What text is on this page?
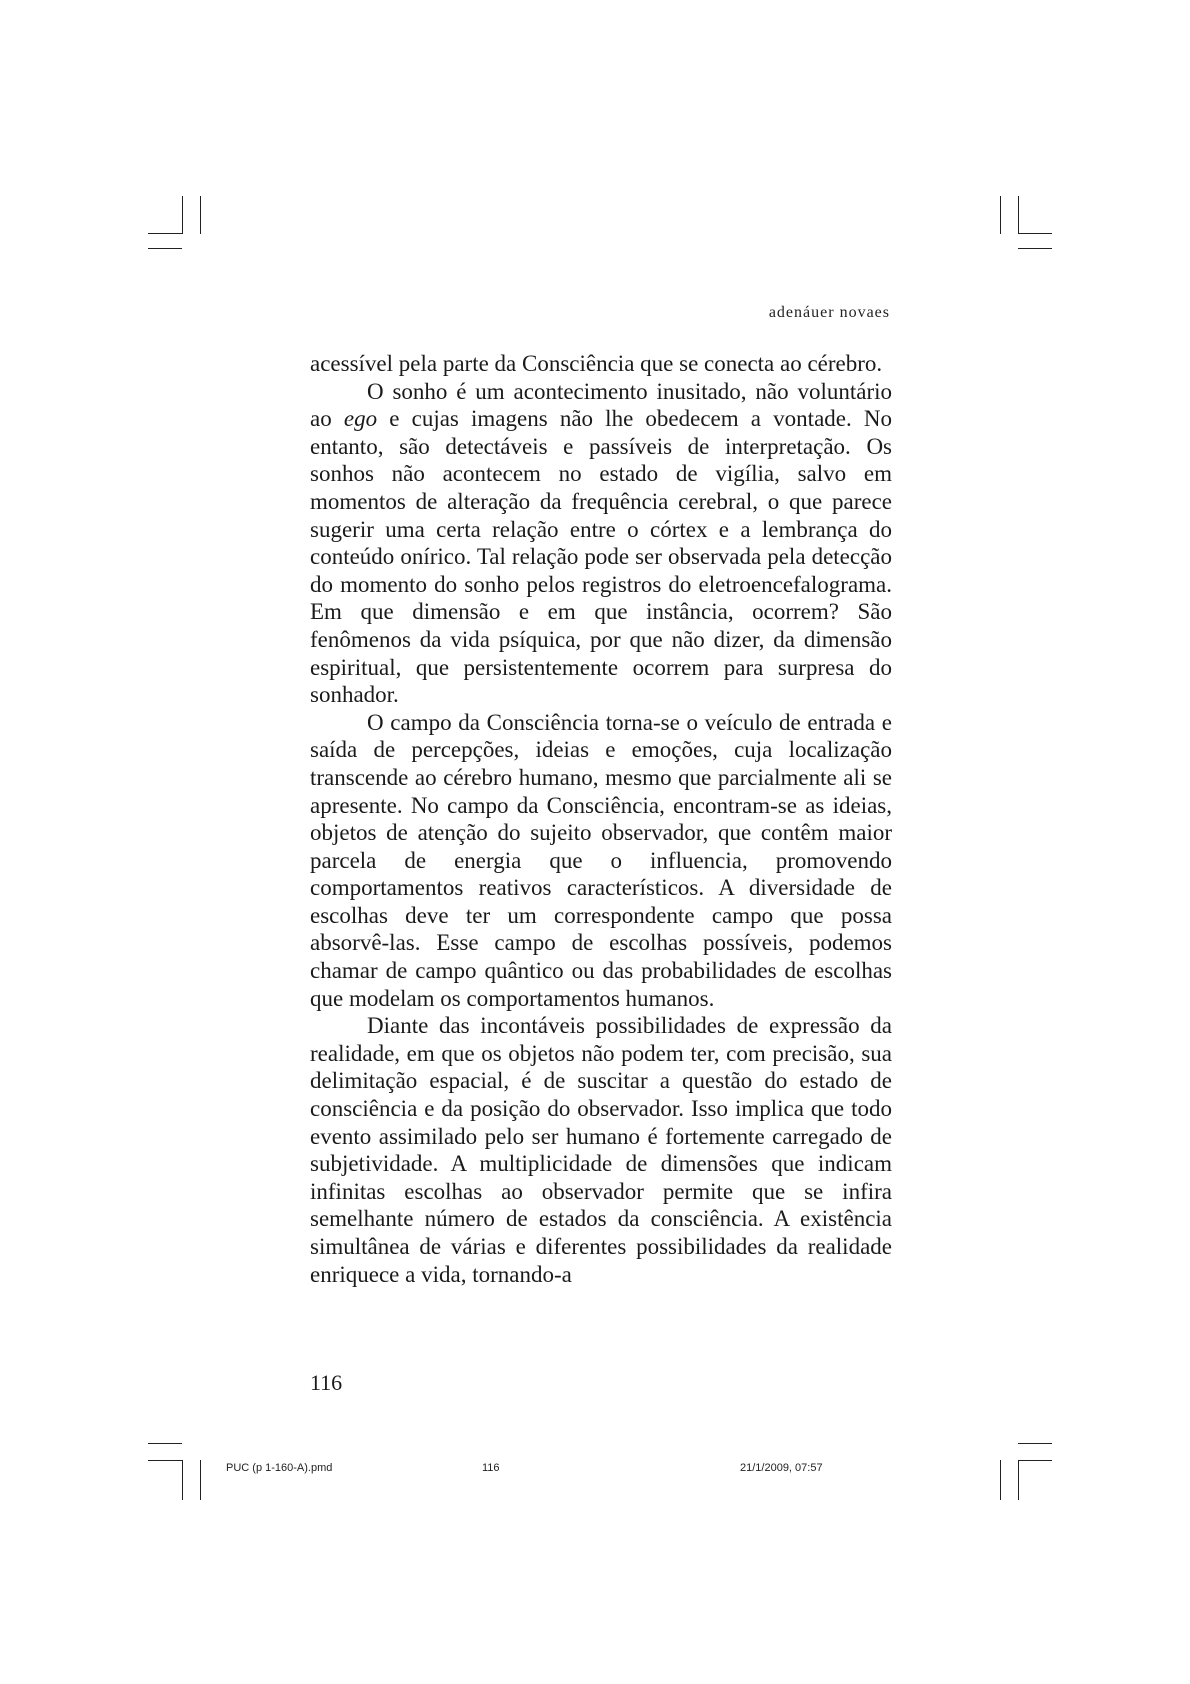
adenáuer novaes

acessível pela parte da Consciência que se conecta ao cérebro.

O sonho é um acontecimento inusitado, não voluntário ao ego e cujas imagens não lhe obedecem a vontade. No entanto, são detectáveis e passíveis de interpretação. Os sonhos não acontecem no estado de vigília, salvo em momentos de alteração da frequência cerebral, o que parece sugerir uma certa relação entre o córtex e a lembrança do conteúdo onírico. Tal relação pode ser observada pela detecção do momento do sonho pelos registros do eletroencefalograma. Em que dimensão e em que instância, ocorrem? São fenômenos da vida psíquica, por que não dizer, da dimensão espiritual, que persistentemente ocorrem para surpresa do sonhador.

O campo da Consciência torna-se o veículo de entrada e saída de percepções, ideias e emoções, cuja localização transcende ao cérebro humano, mesmo que parcialmente ali se apresente. No campo da Consciência, encontram-se as ideias, objetos de atenção do sujeito observador, que contêm maior parcela de energia que o influencia, promovendo comportamentos reativos característicos. A diversidade de escolhas deve ter um correspondente campo que possa absorvê-las. Esse campo de escolhas possíveis, podemos chamar de campo quântico ou das probabilidades de escolhas que modelam os comportamentos humanos.

Diante das incontáveis possibilidades de expressão da realidade, em que os objetos não podem ter, com precisão, sua delimitação espacial, é de suscitar a questão do estado de consciência e da posição do observador. Isso implica que todo evento assimilado pelo ser humano é fortemente carregado de subjetividade. A multiplicidade de dimensões que indicam infinitas escolhas ao observador permite que se infira semelhante número de estados da consciência. A existência simultânea de várias e diferentes possibilidades da realidade enriquece a vida, tornando-a

116
PUC (p 1-160-A).pmd	116	21/1/2009, 07:57
